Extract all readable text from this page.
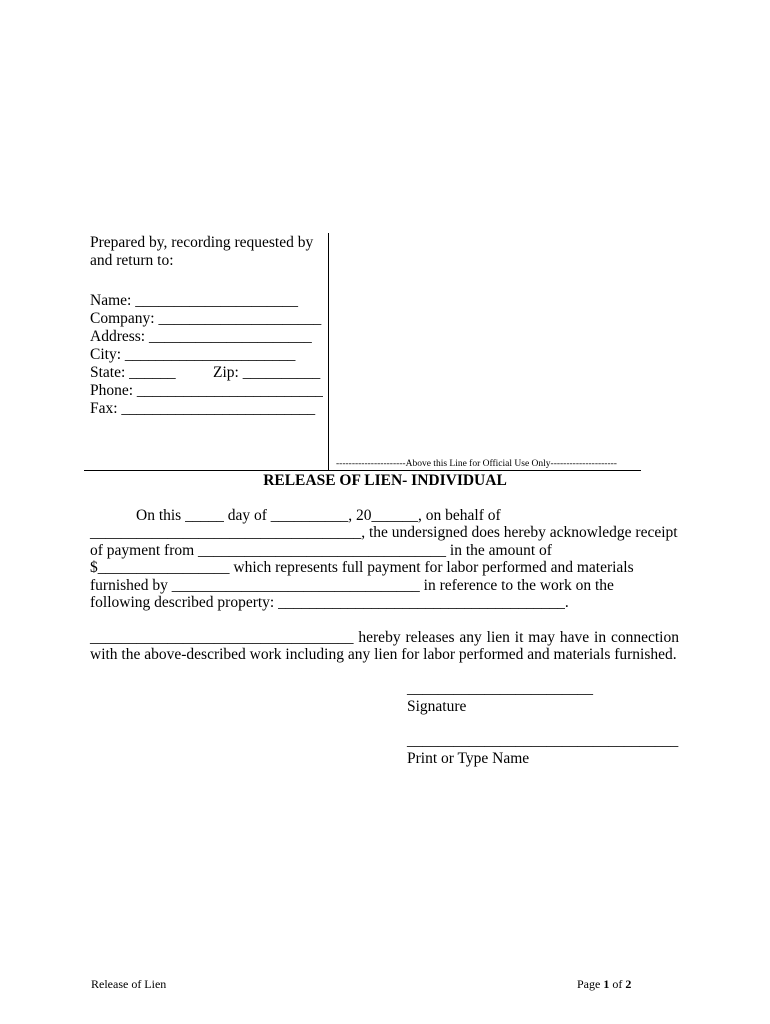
Prepared by, recording requested by
and return to:
Name: _____________________
Company: _____________________
Address: _____________________
City: ______________________
State: ______ Zip: __________
Phone: ________________________
Fax: _________________________
----------------------Above this Line for Official Use Only---------------------
RELEASE OF LIEN- INDIVIDUAL
On this _____ day of __________, 20______, on behalf of
___________________________________, the undersigned does hereby acknowledge receipt
of payment from ________________________________ in the amount of
$_________________ which represents full payment for labor performed and materials
furnished by ________________________________ in reference to the work on the
following described property: _____________________________________.
__________________________________ hereby releases any lien it may have in connection
with the above-described work including any lien for labor performed and materials furnished.
________________________
Signature
___________________________________
Print or Type Name
Release of Lien	Page 1 of 2
